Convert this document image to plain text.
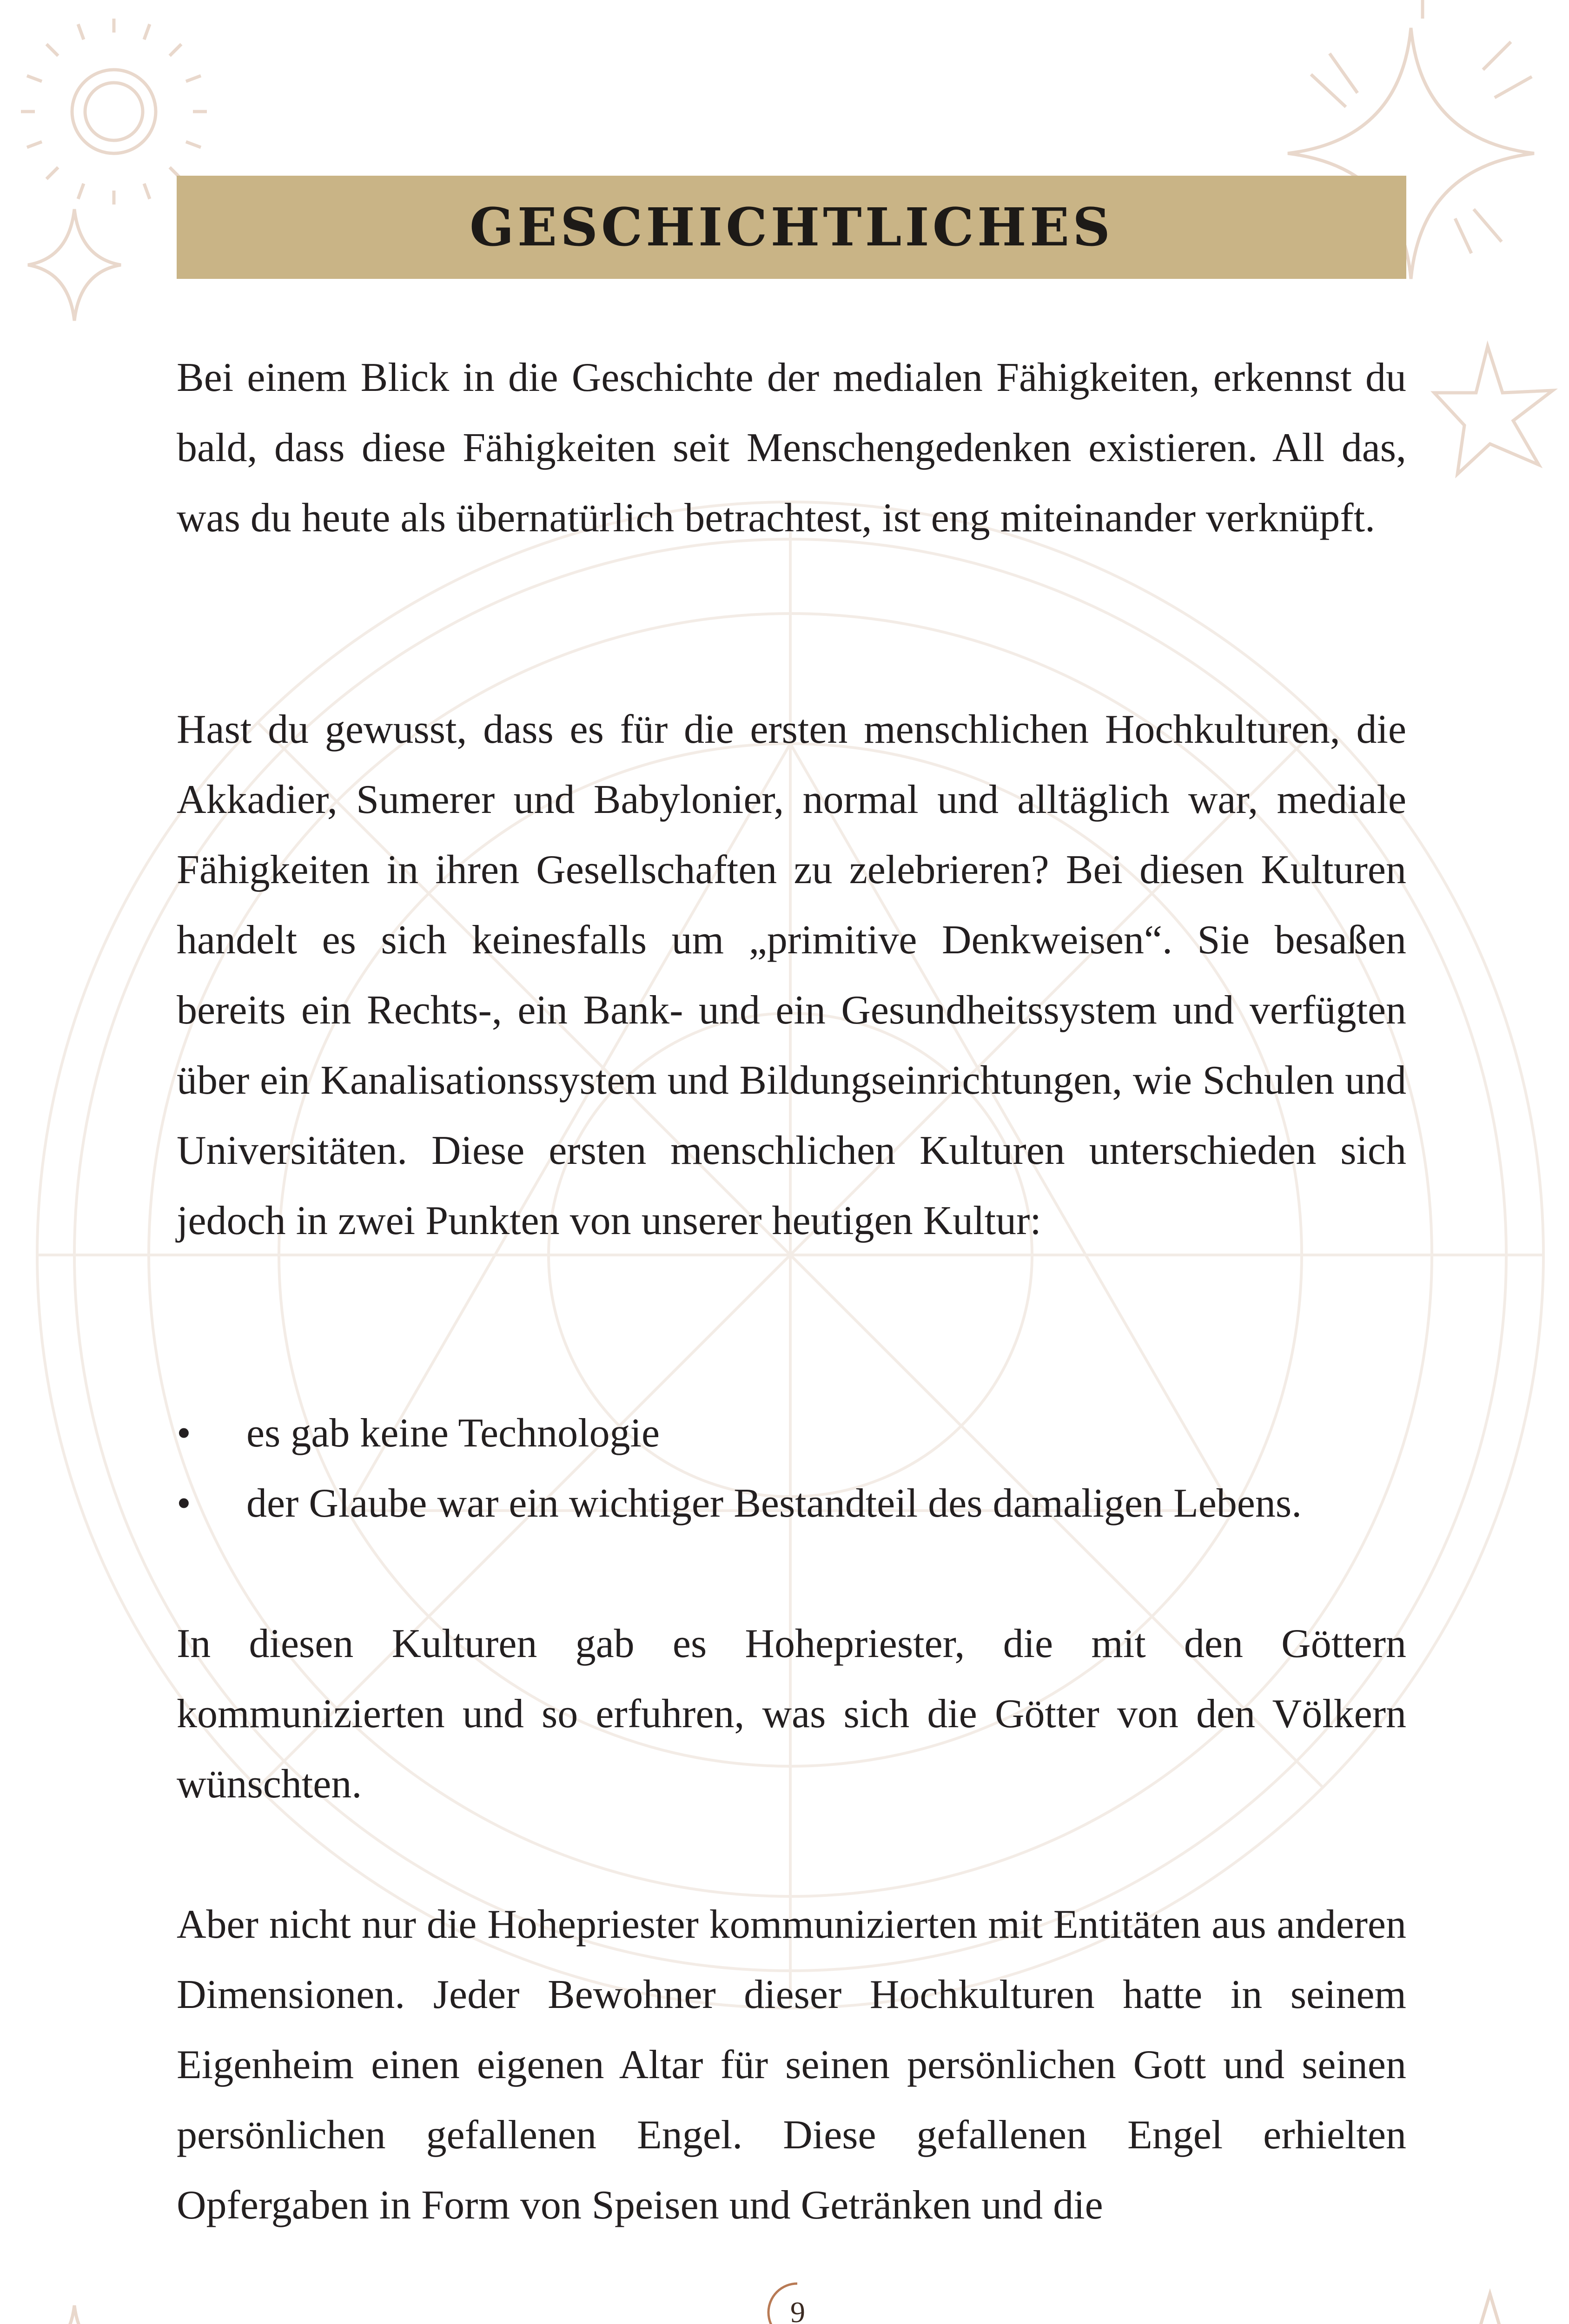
GESCHICHTLICHES

Bei einem Blick in die Geschichte der medialen Fähigkeiten, erkennst du bald, dass diese Fähigkeiten seit Menschengedenken existieren. All das, was du heute als übernatürlich betrachtest, ist eng miteinander verknüpft.

Hast du gewusst, dass es für die ersten menschlichen Hochkulturen, die Akkadier, Sumerer und Babylonier, normal und alltäglich war, mediale Fähigkeiten in ihren Gesellschaften zu zelebrieren? Bei diesen Kulturen handelt es sich keinesfalls um „primitive Denkweisen“. Sie besaßen bereits ein Rechts-, ein Bank- und ein Gesundheitssystem und verfügten über ein Kanalisationssystem und Bildungseinrichtungen, wie Schulen und Universitäten. Diese ersten menschlichen Kulturen unterschieden sich jedoch in zwei Punkten von unserer heutigen Kultur:

• es gab keine Technologie
• der Glaube war ein wichtiger Bestandteil des damaligen Lebens.

In diesen Kulturen gab es Hohepriester, die mit den Göttern kommunizierten und so erfuhren, was sich die Götter von den Völkern wünschten.

Aber nicht nur die Hohepriester kommunizierten mit Entitäten aus anderen Dimensionen. Jeder Bewohner dieser Hochkulturen hatte in seinem Eigenheim einen eigenen Altar für seinen persönlichen Gott und seinen persönlichen gefallenen Engel. Diese gefallenen Engel erhielten Opfergaben in Form von Speisen und Getränken und die

9
